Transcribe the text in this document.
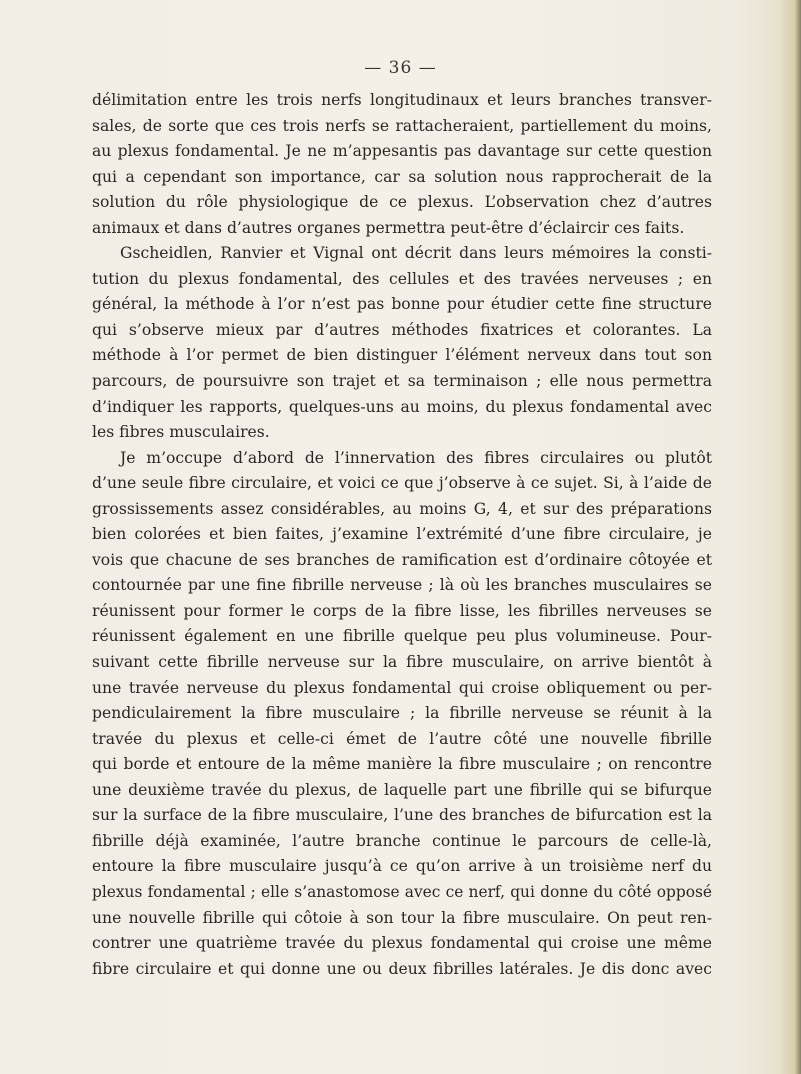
— 36 —
délimitation entre les trois nerfs longitudinaux et leurs branches transver-
sales, de sorte que ces trois nerfs se rattacheraient, partiellement du moins,
au plexus fondamental. Je ne m’appesantis pas davantage sur cette question
qui a cependant son importance, car sa solution nous rapprocherait de la
solution du rôle physiologique de ce plexus. L’observation chez d’autres
animaux et dans d’autres organes permettra peut-être d’éclaircir ces faits.
Gscheidlen, Ranvier et Vignal ont décrit dans leurs mémoires la consti-
tution du plexus fondamental, des cellules et des travées nerveuses ; en
général, la méthode à l’or n’est pas bonne pour étudier cette fine structure
qui s’observe mieux par d’autres méthodes fixatrices et colorantes. La
méthode à l’or permet de bien distinguer l’élément nerveux dans tout son
parcours, de poursuivre son trajet et sa terminaison ; elle nous permettra
d’indiquer les rapports, quelques-uns au moins, du plexus fondamental avec
les fibres musculaires.
Je m’occupe d’abord de l’innervation des fibres circulaires ou plutôt
d’une seule fibre circulaire, et voici ce que j’observe à ce sujet. Si, à l’aide de
grossissements assez considérables, au moins G, 4, et sur des préparations
bien colorées et bien faites, j’examine l’extrémité d’une fibre circulaire, je
vois que chacune de ses branches de ramification est d’ordinaire côtoyée et
contournée par une fine fibrille nerveuse ; là où les branches musculaires se
réunissent pour former le corps de la fibre lisse, les fibrilles nerveuses se
réunissent également en une fibrille quelque peu plus volumineuse. Pour-
suivant cette fibrille nerveuse sur la fibre musculaire, on arrive bientôt à
une travée nerveuse du plexus fondamental qui croise obliquement ou per-
pendiculairement la fibre musculaire ; la fibrille nerveuse se réunit à la
travée du plexus et celle-ci émet de l’autre côté une nouvelle fibrille
qui borde et entoure de la même manière la fibre musculaire ; on rencontre
une deuxième travée du plexus, de laquelle part une fibrille qui se bifurque
sur la surface de la fibre musculaire, l’une des branches de bifurcation est la
fibrille déjà examinée, l’autre branche continue le parcours de celle-là,
entoure la fibre musculaire jusqu’à ce qu’on arrive à un troisième nerf du
plexus fondamental ; elle s’anastomose avec ce nerf, qui donne du côté opposé
une nouvelle fibrille qui côtoie à son tour la fibre musculaire. On peut ren-
contrer une quatrième travée du plexus fondamental qui croise une même
fibre circulaire et qui donne une ou deux fibrilles latérales. Je dis donc avec
